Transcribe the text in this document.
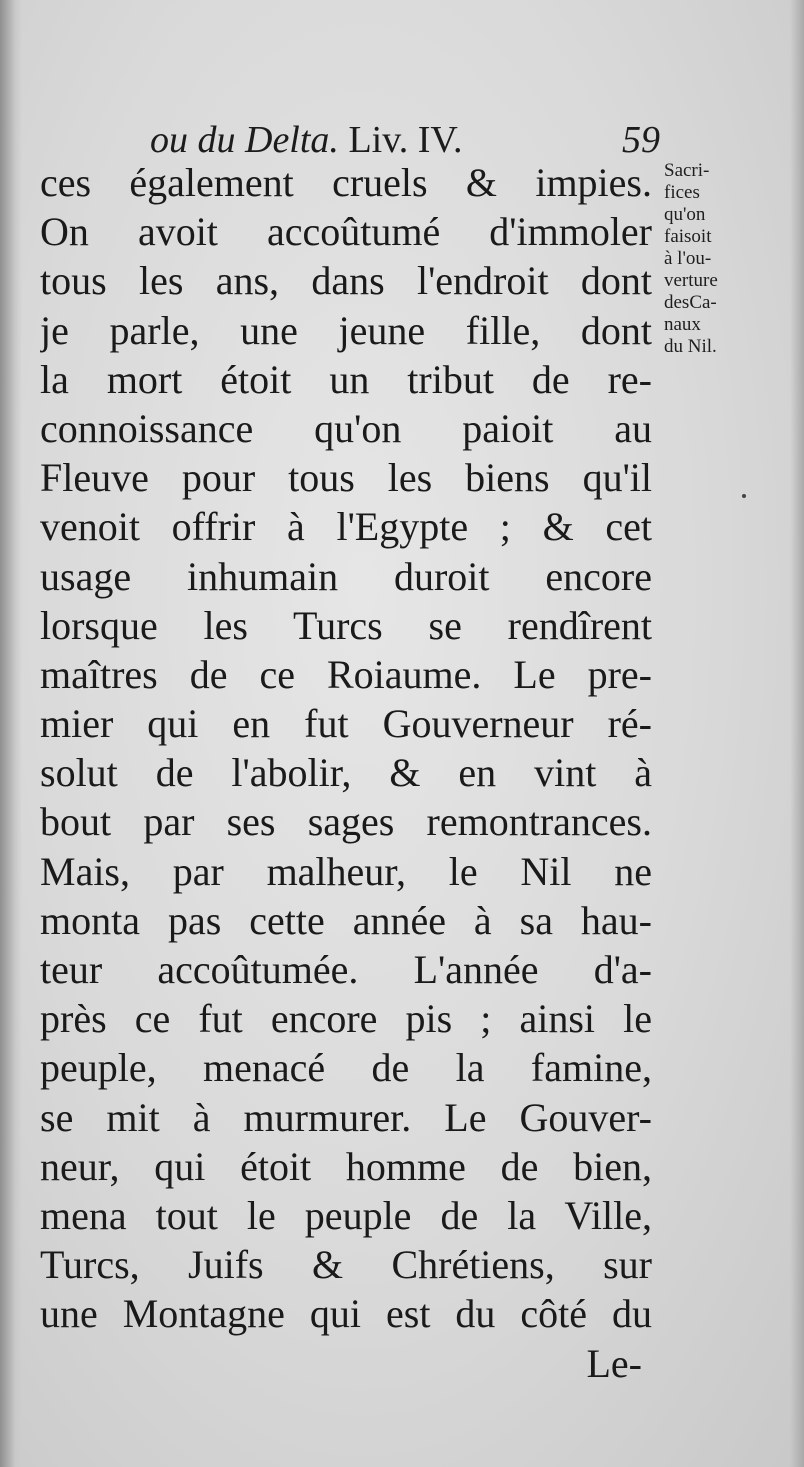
ou du Delta. Liv. IV.	59
ces également cruels & impies.
On avoit accoûtumé d'immoler
tous les ans, dans l'endroit dont
je parle, une jeune fille, dont
la mort étoit un tribut de re-
connoissance qu'on paioit au
Fleuve pour tous les biens qu'il
venoit offrir à l'Egypte ; & cet
usage inhumain duroit encore
lorsque les Turcs se rendîrent
maîtres de ce Roiaume. Le pre-
mier qui en fut Gouverneur ré-
solut de l'abolir, & en vint à
bout par ses sages remontrances.
Mais, par malheur, le Nil ne
monta pas cette année à sa hau-
teur accoûtumée. L'année d'a-
près ce fut encore pis ; ainsi le
peuple, menacé de la famine,
se mit à murmurer. Le Gouver-
neur, qui étoit homme de bien,
mena tout le peuple de la Ville,
Turcs, Juifs & Chrétiens, sur
une Montagne qui est du côté du
Le-
Sacri-
fices
qu'on
faisoit
à l'ou-
verture
desCa-
naux
du Nil.
